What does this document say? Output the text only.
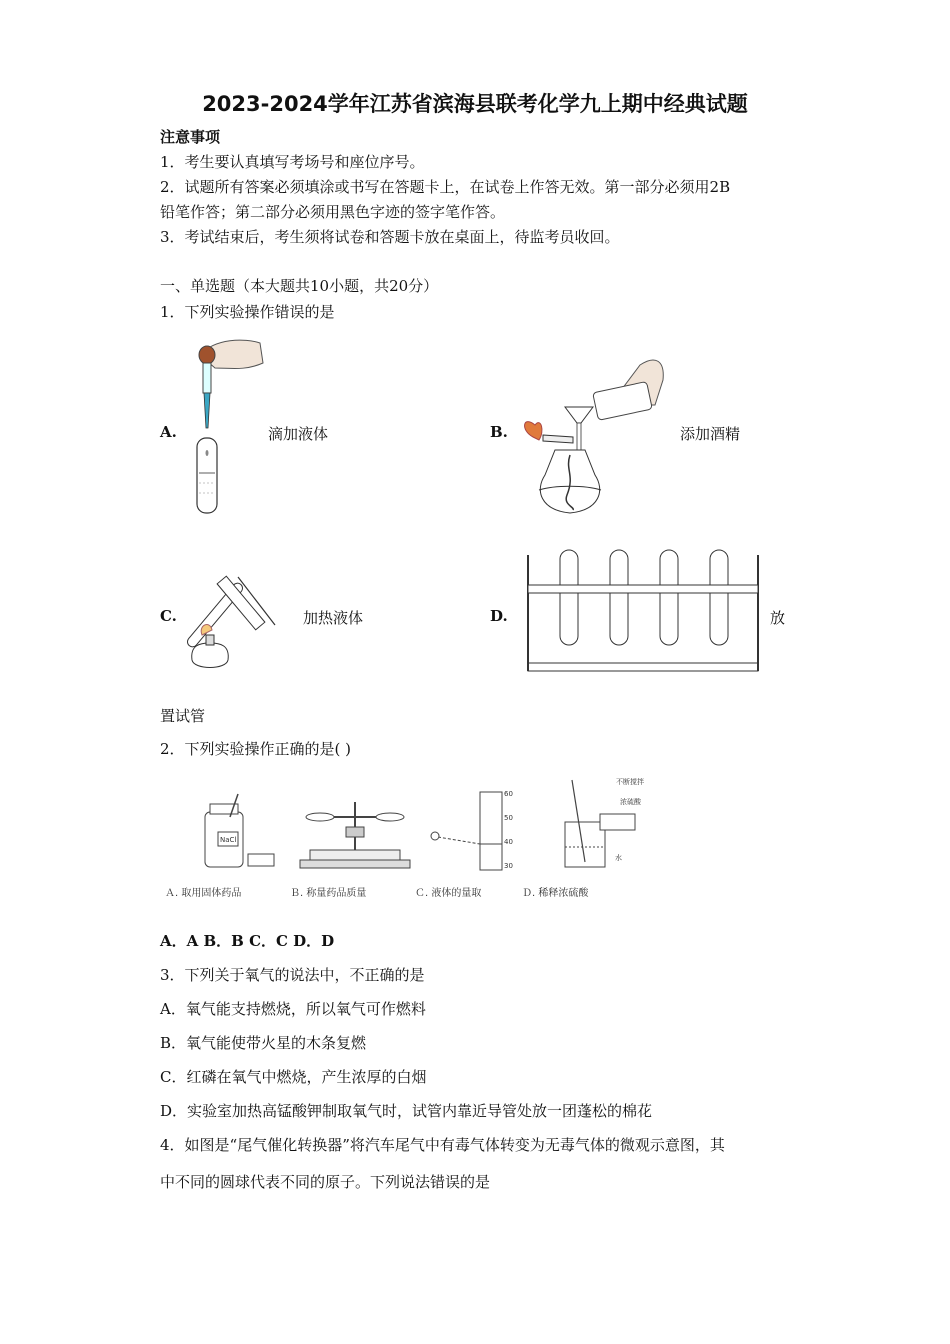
2023-2024学年江苏省滨海县联考化学九上期中经典试题
注意事项
1．考生要认真填写考场号和座位序号。
2．试题所有答案必须填涂或书写在答题卡上，在试卷上作答无效。第一部分必须用2B
铅笔作答；第二部分必须用黑色字迹的签字笔作答。
3．考试结束后，考生须将试卷和答题卡放在桌面上，待监考员收回。
一、单选题（本大题共10小题，共20分）
1．下列实验操作错误的是
A.	滴加液体	B.	添加酒精
C.	加热液体	D.	放
置试管
2．下列实验操作正确的是( )
NaCl
60
50
40
30
不断搅拌
浓硫酸
水
Ａ. 取用固体药品	Ｂ. 称量药品质量	Ｃ. 液体的量取	Ｄ. 稀释浓硫酸
A．A B．B C．C D．D
3．下列关于氧气的说法中，不正确的是
A．氧气能支持燃烧，所以氧气可作燃料
B．氧气能使带火星的木条复燃
C．红磷在氧气中燃烧，产生浓厚的白烟
D．实验室加热高锰酸钾制取氧气时，试管内靠近导管处放一团蓬松的棉花
4．如图是“尾气催化转换器”将汽车尾气中有毒气体转变为无毒气体的微观示意图，其
中不同的圆球代表不同的原子。下列说法错误的是
